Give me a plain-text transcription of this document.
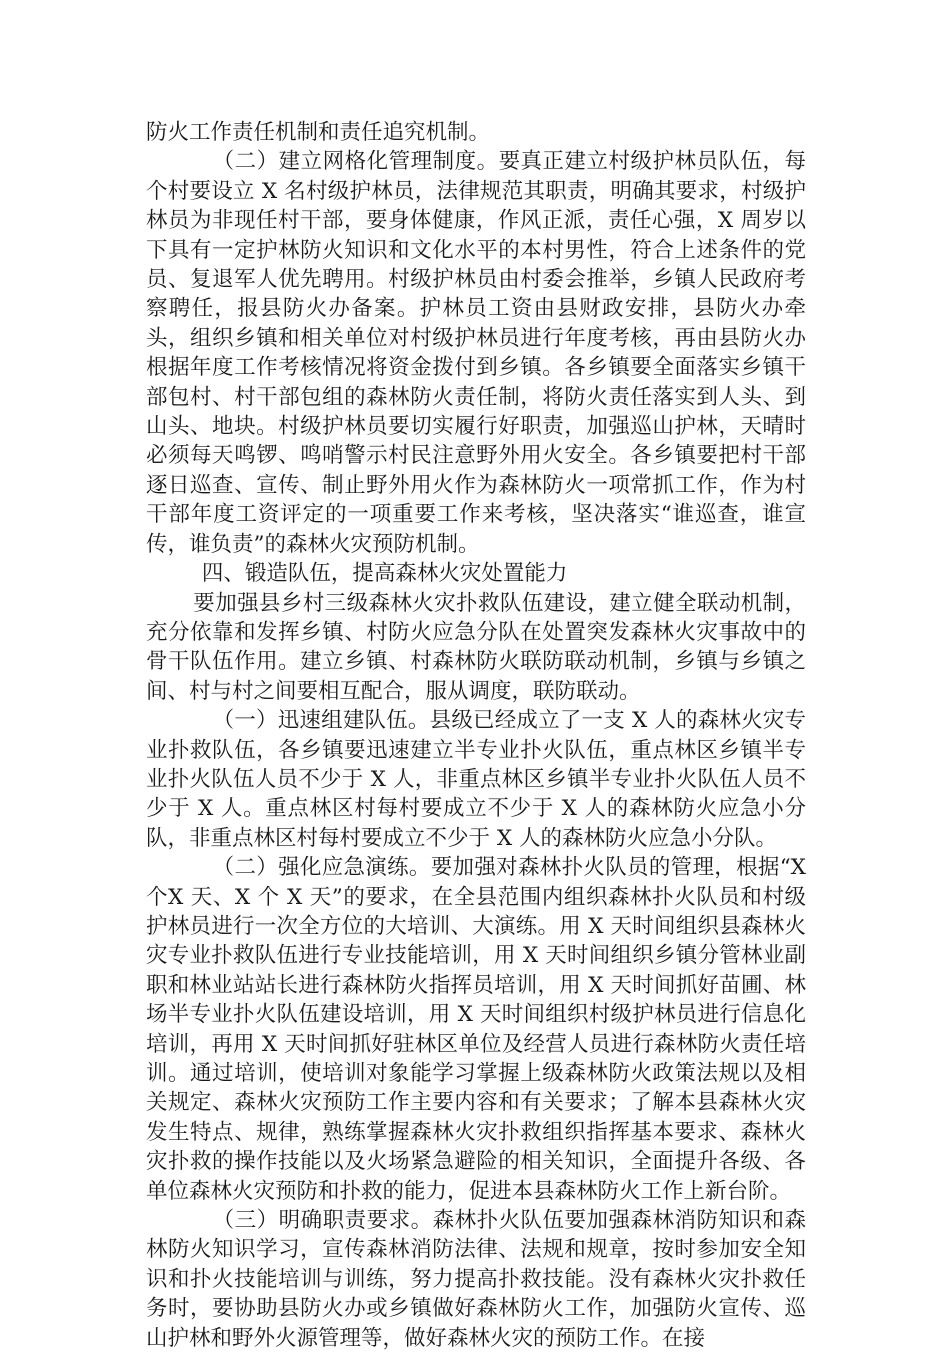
防火工作责任机制和责任追究机制。

（二）建立网格化管理制度。要真正建立村级护林员队伍，每个村要设立 X 名村级护林员，法律规范其职责，明确其要求，村级护林员为非现任村干部，要身体健康，作风正派，责任心强，X 周岁以下具有一定护林防火知识和文化水平的本村男性，符合上述条件的党员、复退军人优先聘用。村级护林员由村委会推举，乡镇人民政府考察聘任，报县防火办备案。护林员工资由县财政安排，县防火办牵头，组织乡镇和相关单位对村级护林员进行年度考核，再由县防火办根据年度工作考核情况将资金拨付到乡镇。各乡镇要全面落实乡镇干部包村、村干部包组的森林防火责任制，将防火责任落实到人头、到山头、地块。村级护林员要切实履行好职责，加强巡山护林，天晴时必须每天鸣锣、鸣哨警示村民注意野外用火安全。各乡镇要把村干部逐日巡查、宣传、制止野外用火作为森林防火一项常抓工作，作为村干部年度工资评定的一项重要工作来考核，坚决落实“谁巡查，谁宣传，谁负责”的森林火灾预防机制。

四、锻造队伍，提高森林火灾处置能力

要加强县乡村三级森林火灾扑救队伍建设，建立健全联动机制，充分依靠和发挥乡镇、村防火应急分队在处置突发森林火灾事故中的骨干队伍作用。建立乡镇、村森林防火联防联动机制，乡镇与乡镇之间、村与村之间要相互配合，服从调度，联防联动。

（一）迅速组建队伍。县级已经成立了一支 X 人的森林火灾专业扑救队伍，各乡镇要迅速建立半专业扑火队伍，重点林区乡镇半专业扑火队伍人员不少于 X 人，非重点林区乡镇半专业扑火队伍人员不少于 X 人。重点林区村每村要成立不少于 X 人的森林防火应急小分队，非重点林区村每村要成立不少于 X 人的森林防火应急小分队。

（二）强化应急演练。要加强对森林扑火队员的管理，根据“X 个X 天、X 个 X 天”的要求，在全县范围内组织森林扑火队员和村级护林员进行一次全方位的大培训、大演练。用 X 天时间组织县森林火灾专业扑救队伍进行专业技能培训，用 X 天时间组织乡镇分管林业副职和林业站站长进行森林防火指挥员培训，用 X 天时间抓好苗圃、林场半专业扑火队伍建设培训，用 X 天时间组织村级护林员进行信息化培训，再用 X 天时间抓好驻林区单位及经营人员进行森林防火责任培训。通过培训，使培训对象能学习掌握上级森林防火政策法规以及相关规定、森林火灾预防工作主要内容和有关要求；了解本县森林火灾发生特点、规律，熟练掌握森林火灾扑救组织指挥基本要求、森林火灾扑救的操作技能以及火场紧急避险的相关知识，全面提升各级、各单位森林火灾预防和扑救的能力，促进本县森林防火工作上新台阶。

（三）明确职责要求。森林扑火队伍要加强森林消防知识和森林防火知识学习，宣传森林消防法律、法规和规章，按时参加安全知识和扑火技能培训与训练，努力提高扑救技能。没有森林火灾扑救任务时，要协助县防火办或乡镇做好森林防火工作，加强防火宣传、巡山护林和野外火源管理等，做好森林火灾的预防工作。在接
